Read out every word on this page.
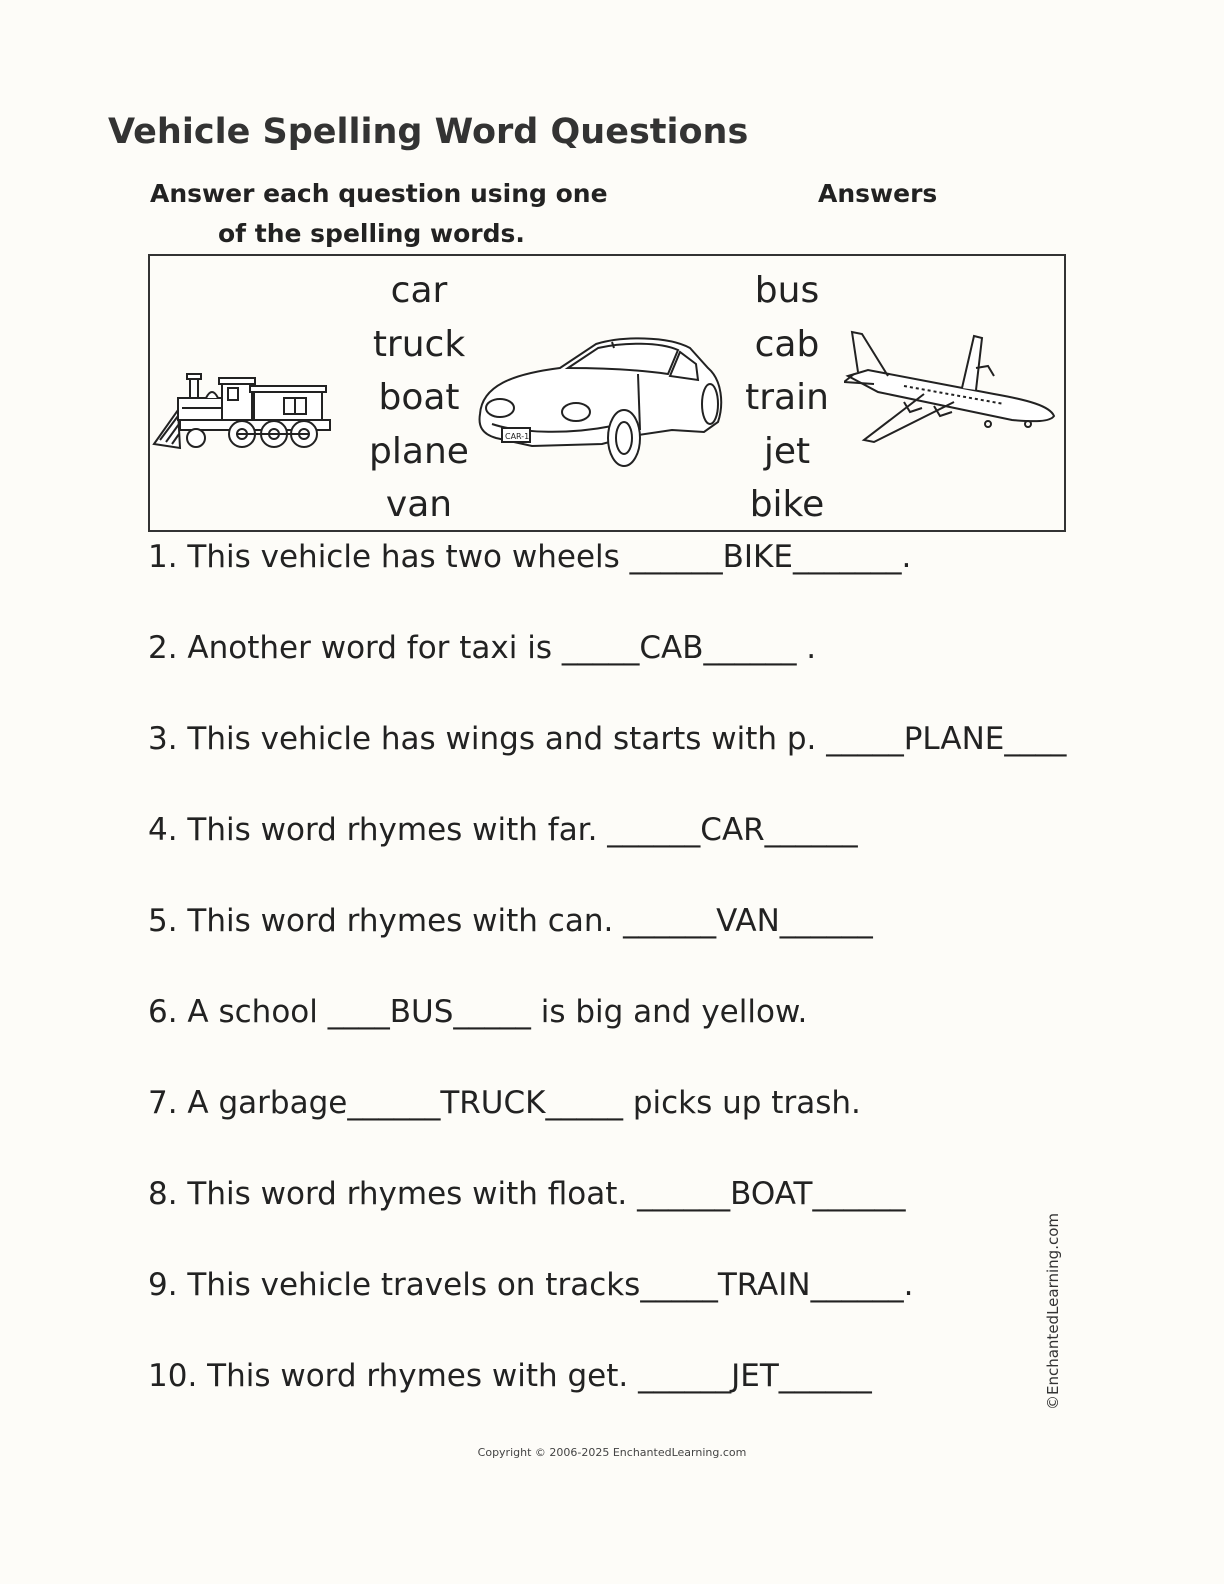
Vehicle Spelling Word Questions
Answer each question using one
of the spelling words.
Answers
car
truck
boat
plane
van
CAR-1
bus
cab
train
jet
bike
1. This vehicle has two wheels ______BIKE_______.
2. Another word for taxi is _____CAB______ .
3. This vehicle has wings and starts with p. _____PLANE____
4. This word rhymes with far. ______CAR______
5. This word rhymes with can. ______VAN______
6. A school ____BUS_____ is big and yellow.
7. A garbage______TRUCK_____ picks up trash.
8. This word rhymes with float. ______BOAT______
9. This vehicle travels on tracks_____TRAIN______.
10. This word rhymes with get. ______JET______	©EnchantedLearning.com
Copyright © 2006-2025 EnchantedLearning.com
